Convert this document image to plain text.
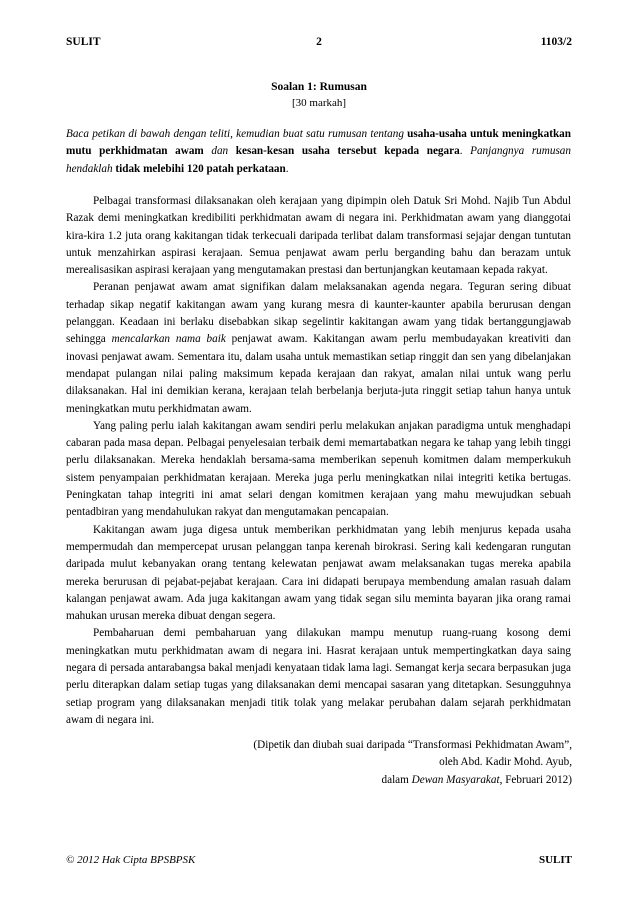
SULIT	2	1103/2
Soalan 1: Rumusan
[30 markah]
Baca petikan di bawah dengan teliti, kemudian buat satu rumusan tentang usaha-usaha untuk meningkatkan mutu perkhidmatan awam dan kesan-kesan usaha tersebut kepada negara. Panjangnya rumusan hendaklah tidak melebihi 120 patah perkataan.

Pelbagai transformasi dilaksanakan oleh kerajaan yang dipimpin oleh Datuk Sri Mohd. Najib Tun Abdul Razak demi meningkatkan kredibiliti perkhidmatan awam di negara ini. Perkhidmatan awam yang dianggotai kira-kira 1.2 juta orang kakitangan tidak terkecuali daripada terlibat dalam transformasi sejajar dengan tuntutan untuk menzahirkan aspirasi kerajaan. Semua penjawat awam perlu berganding bahu dan berazam untuk merealisasikan aspirasi kerajaan yang mengutamakan prestasi dan bertunjangkan keutamaan kepada rakyat.

Peranan penjawat awam amat signifikan dalam melaksanakan agenda negara. Teguran sering dibuat terhadap sikap negatif kakitangan awam yang kurang mesra di kaunter-kaunter apabila berurusan dengan pelanggan. Keadaan ini berlaku disebabkan sikap segelintir kakitangan awam yang tidak bertanggungjawab sehingga mencalarkan nama baik penjawat awam. Kakitangan awam perlu membudayakan kreativiti dan inovasi penjawat awam. Sementara itu, dalam usaha untuk memastikan setiap ringgit dan sen yang dibelanjakan mendapat pulangan nilai paling maksimum kepada kerajaan dan rakyat, amalan nilai untuk wang perlu dilaksanakan. Hal ini demikian kerana, kerajaan telah berbelanja berjuta-juta ringgit setiap tahun hanya untuk meningkatkan mutu perkhidmatan awam.

Yang paling perlu ialah kakitangan awam sendiri perlu melakukan anjakan paradigma untuk menghadapi cabaran pada masa depan. Pelbagai penyelesaian terbaik demi memartabatkan negara ke tahap yang lebih tinggi perlu dilaksanakan. Mereka hendaklah bersama-sama memberikan sepenuh komitmen dalam memperkukuh sistem penyampaian perkhidmatan kerajaan. Mereka juga perlu meningkatkan nilai integriti ketika bertugas. Peningkatan tahap integriti ini amat selari dengan komitmen kerajaan yang mahu mewujudkan sebuah pentadbiran yang mendahulukan rakyat dan mengutamakan pencapaian.

Kakitangan awam juga digesa untuk memberikan perkhidmatan yang lebih menjurus kepada usaha mempermudah dan mempercepat urusan pelanggan tanpa kerenah birokrasi. Sering kali kedengaran rungutan daripada mulut kebanyakan orang tentang kelewatan penjawat awam melaksanakan tugas mereka apabila mereka berurusan di pejabat-pejabat kerajaan. Cara ini didapati berupaya membendung amalan rasuah dalam kalangan penjawat awam. Ada juga kakitangan awam yang tidak segan silu meminta bayaran jika orang ramai mahukan urusan mereka dibuat dengan segera.

Pembaharuan demi pembaharuan yang dilakukan mampu menutup ruang-ruang kosong demi meningkatkan mutu perkhidmatan awam di negara ini. Hasrat kerajaan untuk mempertingkatkan daya saing negara di persada antarabangsa bakal menjadi kenyataan tidak lama lagi. Semangat kerja secara berpasukan juga perlu diterapkan dalam setiap tugas yang dilaksanakan demi mencapai sasaran yang ditetapkan. Sesungguhnya setiap program yang dilaksanakan menjadi titik tolak yang melakar perubahan dalam sejarah perkhidmatan awam di negara ini.

(Dipetik dan diubah suai daripada “Transformasi Pekhidmatan Awam”,
oleh Abd. Kadir Mohd. Ayub,
dalam Dewan Masyarakat, Februari 2012)
© 2012 Hak Cipta BPSBPSK	SULIT
